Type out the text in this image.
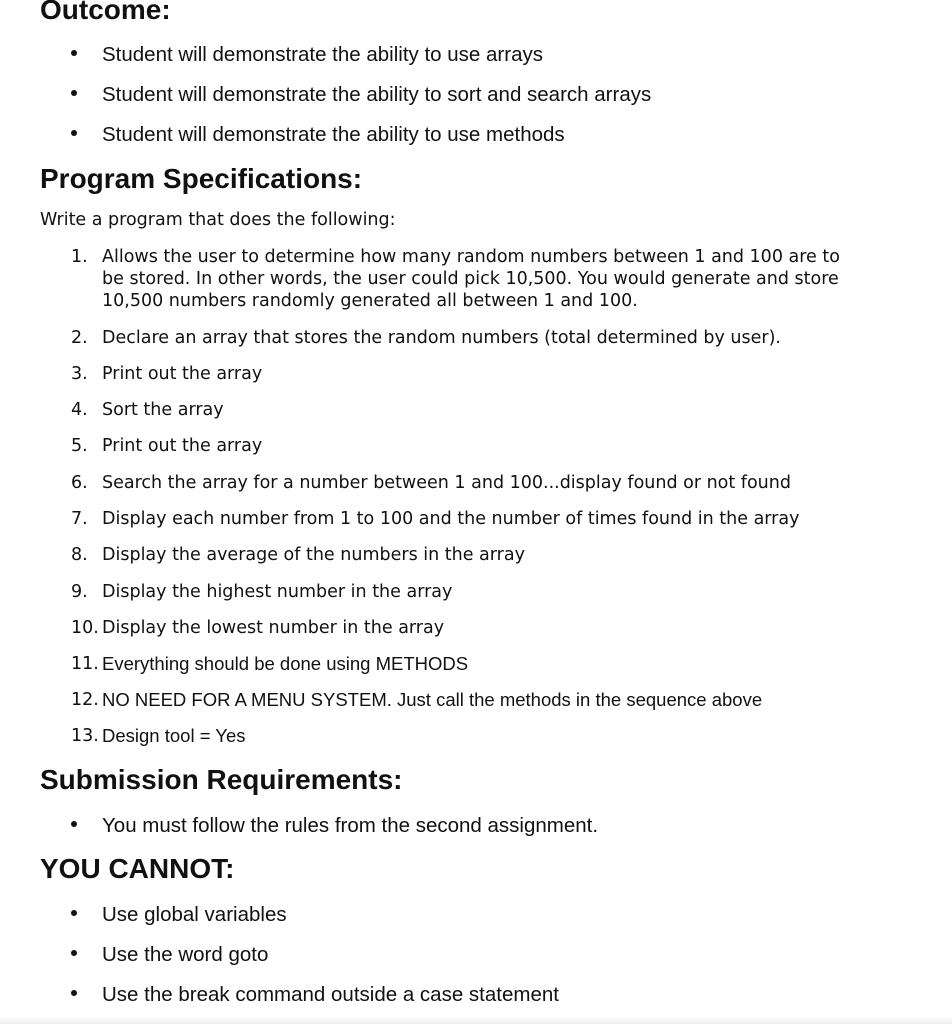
Outcome:
Student will demonstrate the ability to use arrays
Student will demonstrate the ability to sort and search arrays
Student will demonstrate the ability to use methods
Program Specifications:
Write a program that does the following:
1. Allows the user to determine how many random numbers between 1 and 100 are to be stored. In other words, the user could pick 10,500. You would generate and store 10,500 numbers randomly generated all between 1 and 100.
2. Declare an array that stores the random numbers (total determined by user).
3. Print out the array
4. Sort the array
5. Print out the array
6. Search the array for a number between 1 and 100...display found or not found
7. Display each number from 1 to 100 and the number of times found in the array
8. Display the average of the numbers in the array
9. Display the highest number in the array
10. Display the lowest number in the array
11. Everything should be done using METHODS
12. NO NEED FOR A MENU SYSTEM. Just call the methods in the sequence above
13. Design tool = Yes
Submission Requirements:
You must follow the rules from the second assignment.
YOU CANNOT:
Use global variables
Use the word goto
Use the break command outside a case statement
